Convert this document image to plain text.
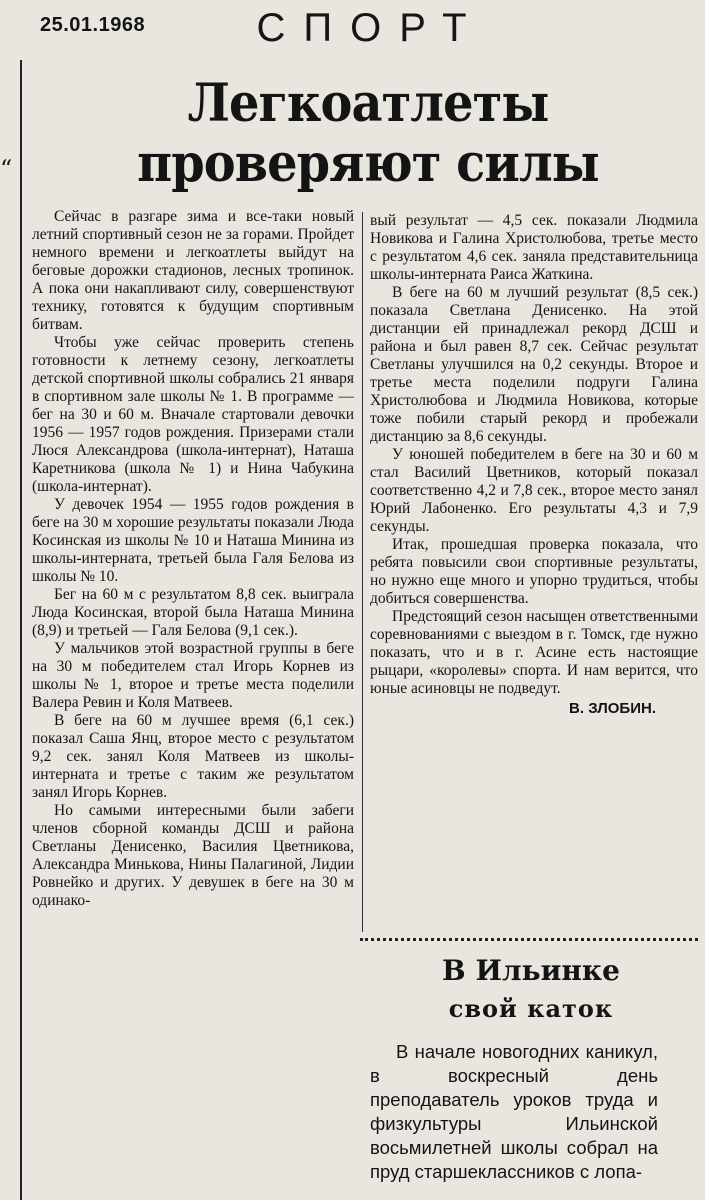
25.01.1968	СПОРТ
“
Легкоатлеты
проверяют силы

Сейчас в разгаре зима и все-таки новый летний спортивный сезон не за горами. Пройдет немного времени и легкоатлеты выйдут на беговые дорожки стадионов, лесных тропинок. А пока они накапливают силу, совершенствуют технику, готовятся к будущим спортивным битвам.

Чтобы уже сейчас проверить степень готовности к летнему сезону, легкоатлеты детской спортивной школы собрались 21 января в спортивном зале школы № 1. В программе — бег на 30 и 60 м. Вначале стартовали девочки 1956 — 1957 годов рождения. Призерами стали Люся Александрова (школа-интернат), Наташа Каретникова (школа № 1) и Нина Чабукина (школа-интернат).

У девочек 1954 — 1955 годов рождения в беге на 30 м хорошие результаты показали Люда Косинская из школы № 10 и Наташа Минина из школы-интерната, третьей была Галя Белова из школы № 10.

Бег на 60 м с результатом 8,8 сек. выиграла Люда Косинская, второй была Наташа Минина (8,9) и третьей — Галя Белова (9,1 сек.).

У мальчиков этой возрастной группы в беге на 30 м победителем стал Игорь Корнев из школы № 1, второе и третье места поделили Валера Ревин и Коля Матвеев.

В беге на 60 м лучшее время (6,1 сек.) показал Саша Янц, второе место с результатом 9,2 сек. занял Коля Матвеев из школы-интерната и третье с таким же результатом занял Игорь Корнев.

Но самыми интересными были забеги членов сборной команды ДСШ и района Светланы Денисенко, Василия Цветникова, Александра Минькова, Нины Палагиной, Лидии Ровнейко и других. У девушек в беге на 30 м одинако-

вый результат — 4,5 сек. показали Людмила Новикова и Галина Христолюбова, третье место с результатом 4,6 сек. заняла представительница школы-интерната Раиса Жаткина.

В беге на 60 м лучший результат (8,5 сек.) показала Светлана Денисенко. На этой дистанции ей принадлежал рекорд ДСШ и района и был равен 8,7 сек. Сейчас результат Светланы улучшился на 0,2 секунды. Второе и третье места поделили подруги Галина Христолюбова и Людмила Новикова, которые тоже побили старый рекорд и пробежали дистанцию за 8,6 секунды.

У юношей победителем в беге на 30 и 60 м стал Василий Цветников, который показал соответственно 4,2 и 7,8 сек., второе место занял Юрий Лабоненко. Его результаты 4,3 и 7,9 секунды.

Итак, прошедшая проверка показала, что ребята повысили свои спортивные результаты, но нужно еще много и упорно трудиться, чтобы добиться совершенства.

Предстоящий сезон насыщен ответственными соревнованиями с выездом в г. Томск, где нужно показать, что и в г. Асине есть настоящие рыцари, «королевы» спорта. И нам верится, что юные асиновцы не подведут.

В. ЗЛОБИН.

В Ильинке
свой каток

В начале новогодних каникул, в воскресный день преподаватель уроков труда и физкультуры Ильинской восьмилетней школы собрал на пруд старшеклассников с лопа-
